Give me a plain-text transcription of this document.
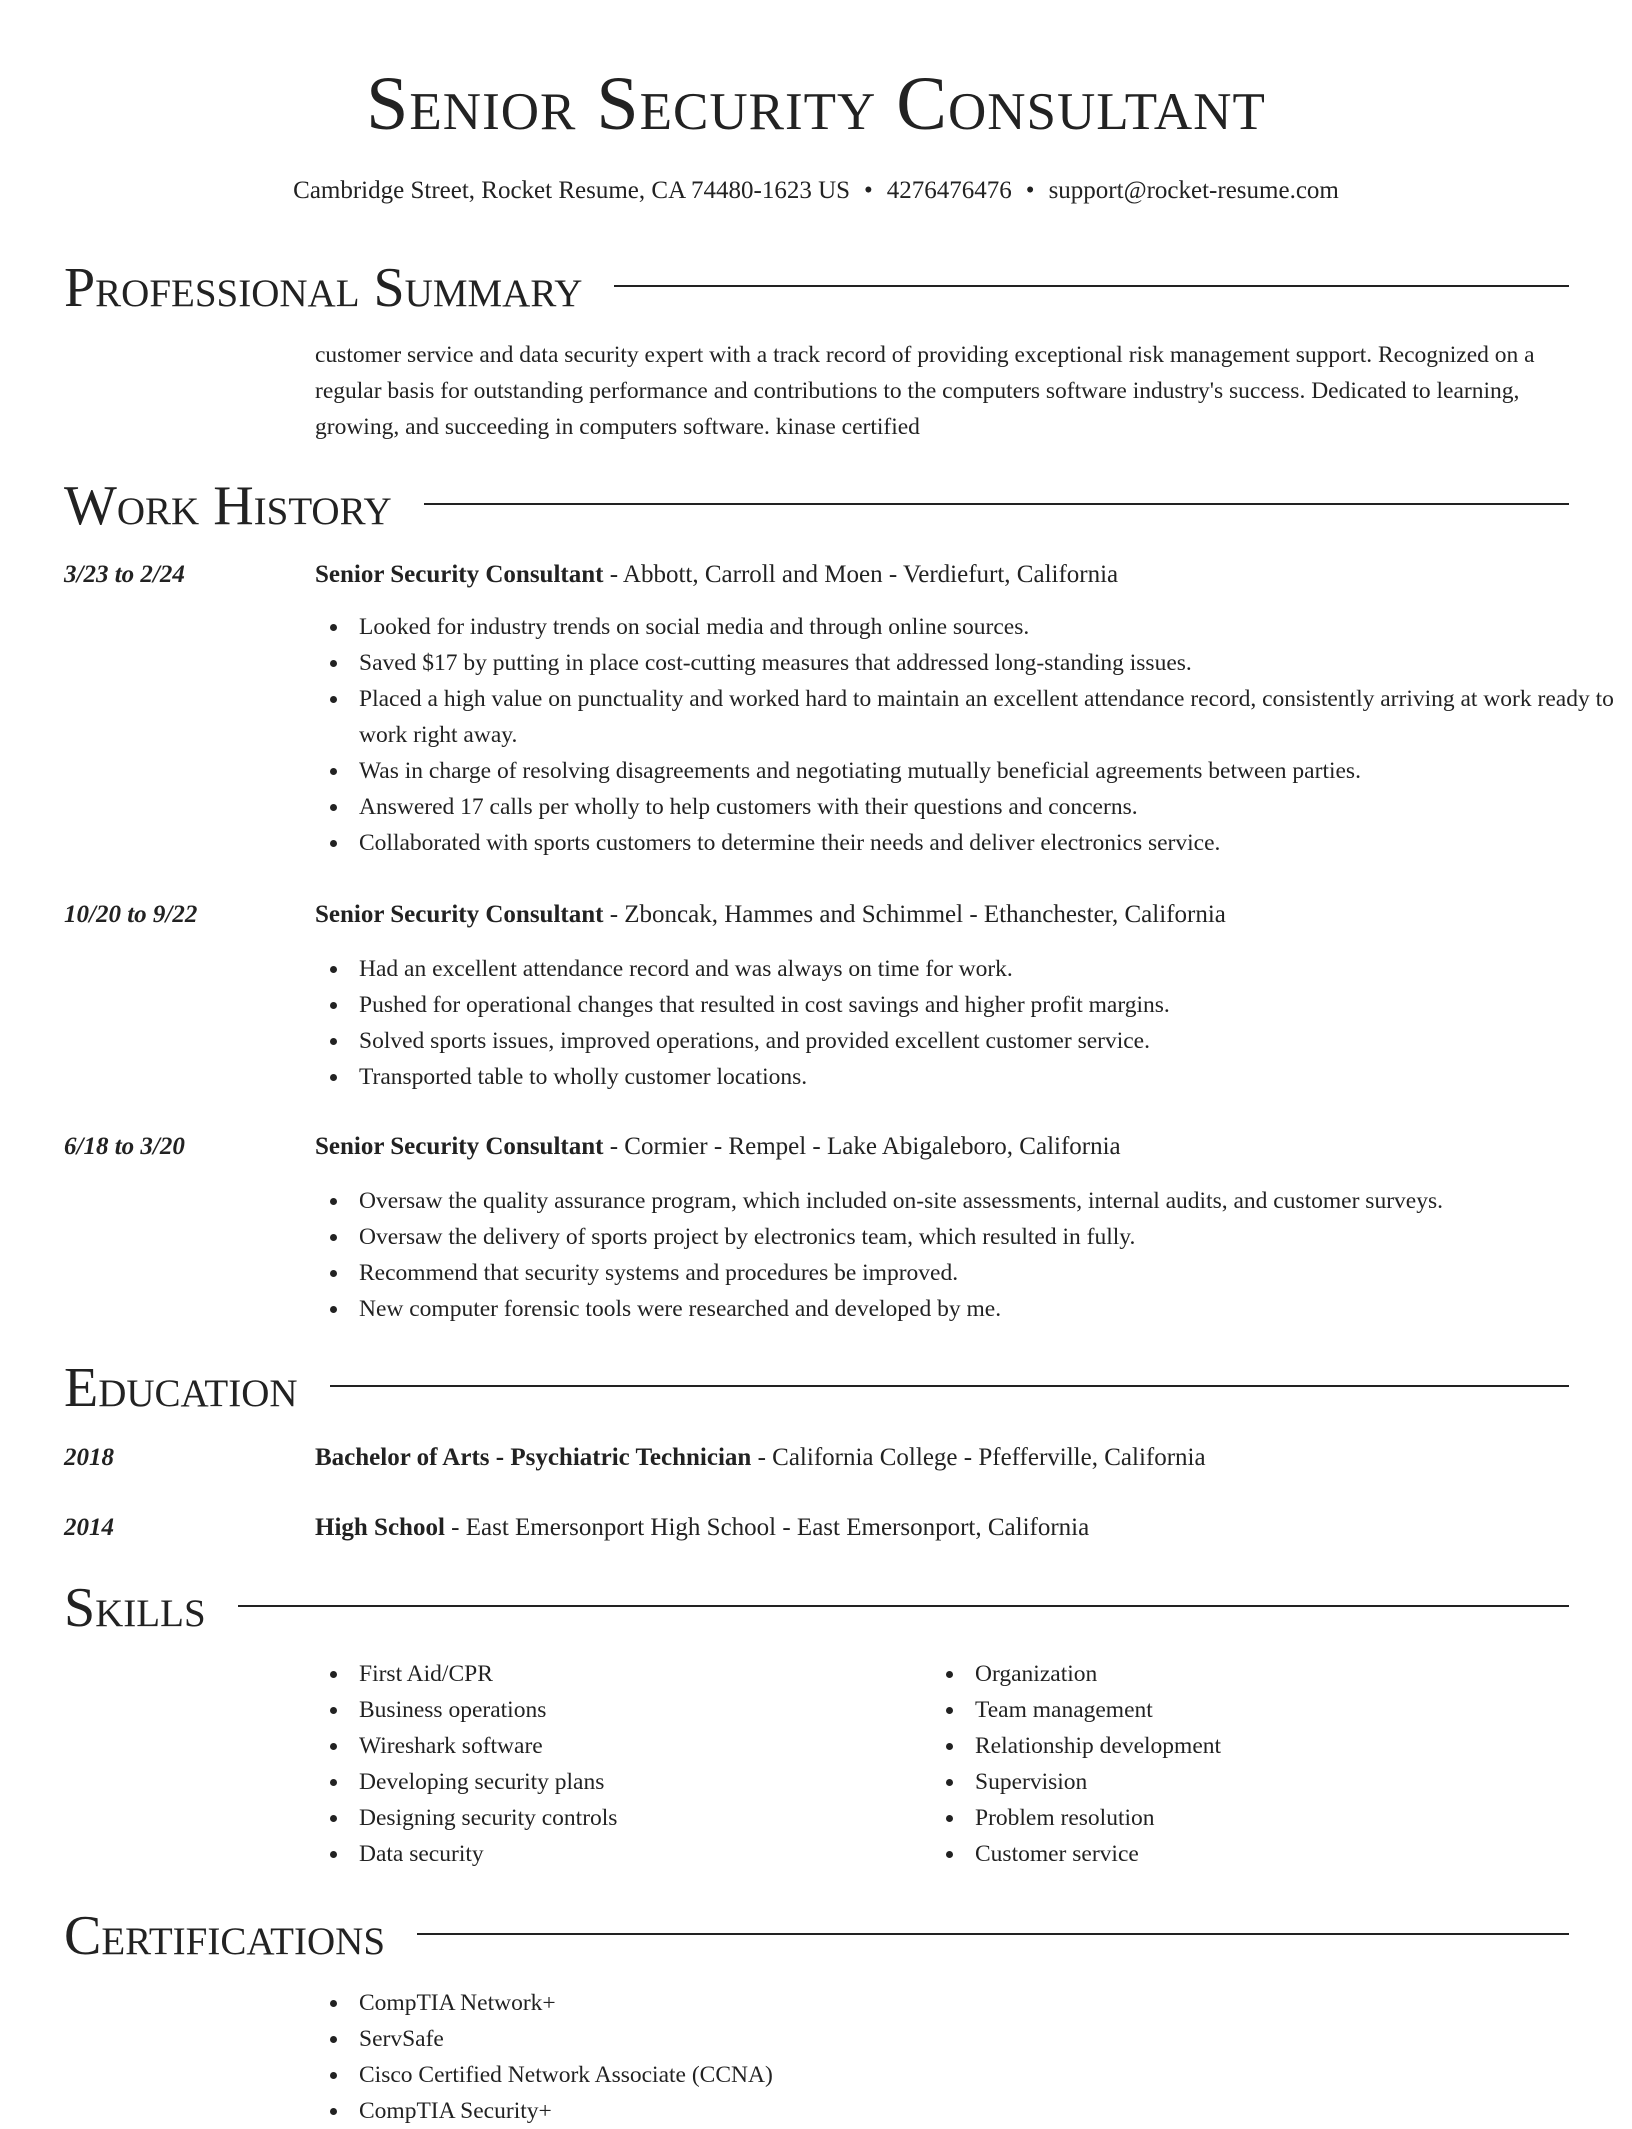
Senior Security Consultant
Cambridge Street, Rocket Resume, CA 74480-1623 US • 4276476476 • support@rocket-resume.com
Professional Summary
customer service and data security expert with a track record of providing exceptional risk management support. Recognized on a regular basis for outstanding performance and contributions to the computers software industry's success. Dedicated to learning, growing, and succeeding in computers software. kinase certified
Work History
3/23 to 2/24	Senior Security Consultant - Abbott, Carroll and Moen - Verdiefurt, California
Looked for industry trends on social media and through online sources.
Saved $17 by putting in place cost-cutting measures that addressed long-standing issues.
Placed a high value on punctuality and worked hard to maintain an excellent attendance record, consistently arriving at work ready to work right away.
Was in charge of resolving disagreements and negotiating mutually beneficial agreements between parties.
Answered 17 calls per wholly to help customers with their questions and concerns.
Collaborated with sports customers to determine their needs and deliver electronics service.
10/20 to 9/22	Senior Security Consultant - Zboncak, Hammes and Schimmel - Ethanchester, California
Had an excellent attendance record and was always on time for work.
Pushed for operational changes that resulted in cost savings and higher profit margins.
Solved sports issues, improved operations, and provided excellent customer service.
Transported table to wholly customer locations.
6/18 to 3/20	Senior Security Consultant - Cormier - Rempel - Lake Abigaleboro, California
Oversaw the quality assurance program, which included on-site assessments, internal audits, and customer surveys.
Oversaw the delivery of sports project by electronics team, which resulted in fully.
Recommend that security systems and procedures be improved.
New computer forensic tools were researched and developed by me.
Education
2018	Bachelor of Arts - Psychiatric Technician - California College - Pfefferville, California
2014	High School - East Emersonport High School - East Emersonport, California
Skills
First Aid/CPR
Business operations
Wireshark software
Developing security plans
Designing security controls
Data security
Organization
Team management
Relationship development
Supervision
Problem resolution
Customer service
Certifications
CompTIA Network+
ServSafe
Cisco Certified Network Associate (CCNA)
CompTIA Security+
